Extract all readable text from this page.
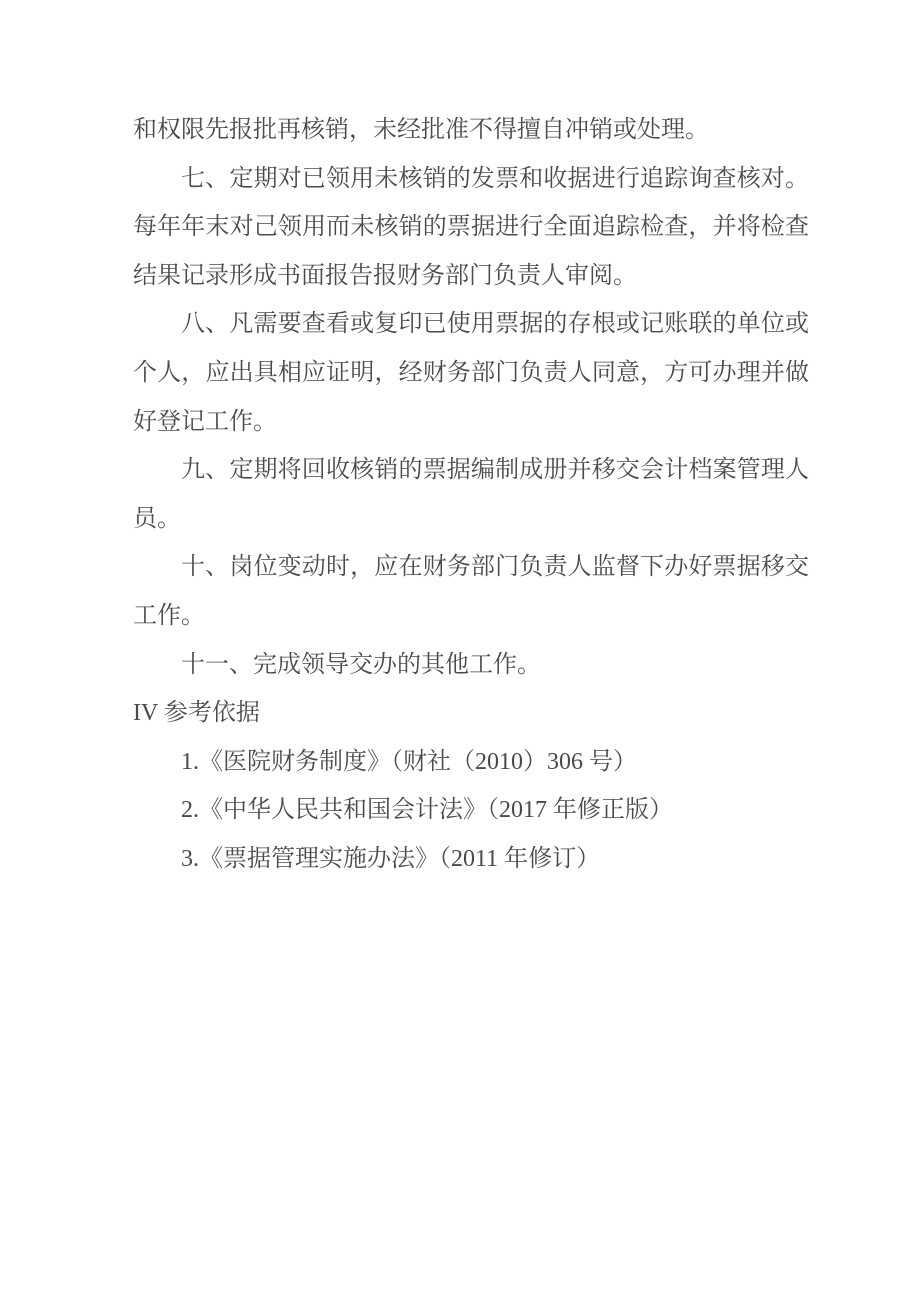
和权限先报批再核销，未经批准不得擅自冲销或处理。

七、定期对已领用未核销的发票和收据进行追踪询查核对。每年年末对己领用而未核销的票据进行全面追踪检查，并将检查结果记录形成书面报告报财务部门负责人审阅。

八、凡需要查看或复印已使用票据的存根或记账联的单位或个人，应出具相应证明，经财务部门负责人同意，方可办理并做好登记工作。

九、定期将回收核销的票据编制成册并移交会计档案管理人员。

十、岗位变动时，应在财务部门负责人监督下办好票据移交工作。

十一、完成领导交办的其他工作。

IV 参考依据

1.《医院财务制度》（财社（2010）306 号）

2.《中华人民共和国会计法》（2017 年修正版）

3.《票据管理实施办法》（2011 年修订）
